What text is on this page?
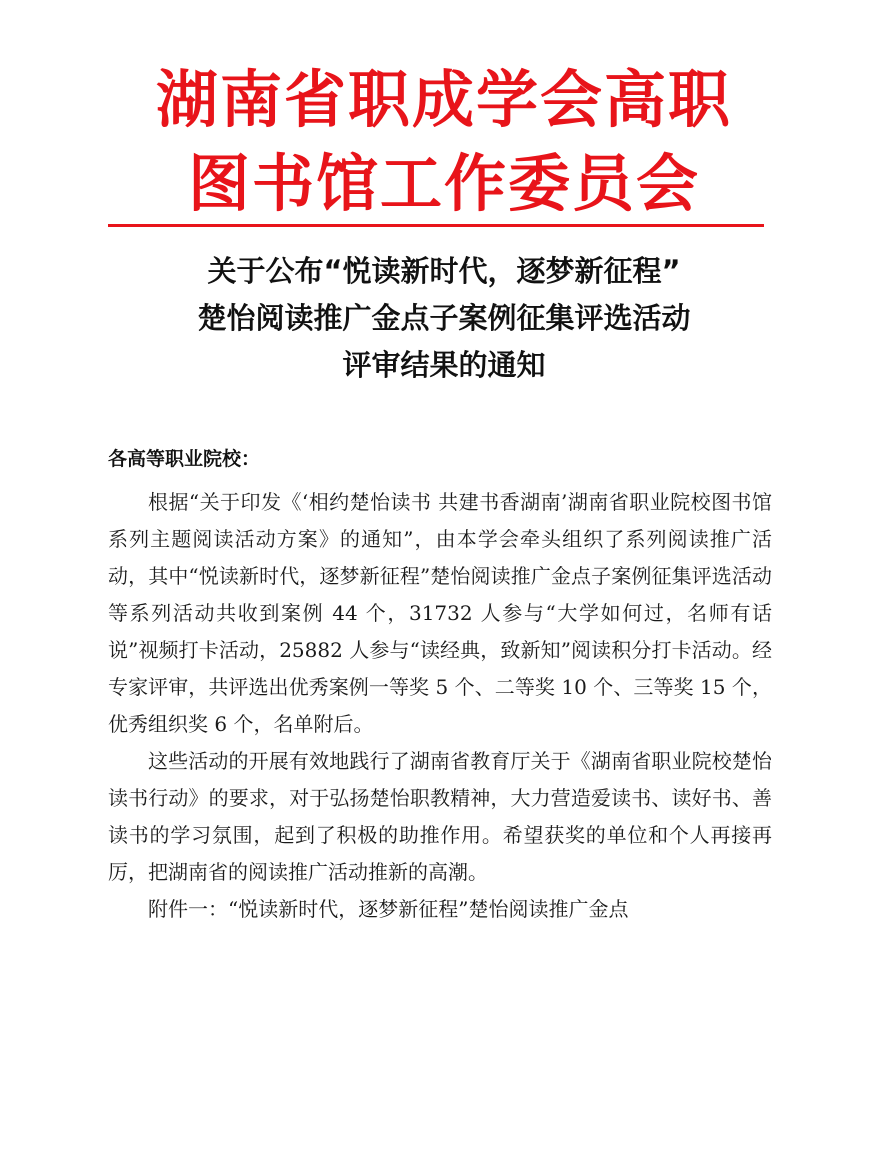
湖南省职成学会高职
图书馆工作委员会
关于公布“悦读新时代，逐梦新征程”
楚怡阅读推广金点子案例征集评选活动
评审结果的通知
各高等职业院校：

根据“关于印发《‘相约楚怡读书 共建书香湖南’湖南省职业院校图书馆系列主题阅读活动方案》的通知”，由本学会牵头组织了系列阅读推广活动，其中“悦读新时代，逐梦新征程”楚怡阅读推广金点子案例征集评选活动等系列活动共收到案例 44 个，31732 人参与“大学如何过，名师有话说”视频打卡活动，25882 人参与“读经典，致新知”阅读积分打卡活动。经专家评审，共评选出优秀案例一等奖 5 个、二等奖 10 个、三等奖 15 个，优秀组织奖 6 个，名单附后。

这些活动的开展有效地践行了湖南省教育厅关于《湖南省职业院校楚怡读书行动》的要求，对于弘扬楚怡职教精神，大力营造爱读书、读好书、善读书的学习氛围，起到了积极的助推作用。希望获奖的单位和个人再接再厉，把湖南省的阅读推广活动推新的高潮。

附件一：“悦读新时代，逐梦新征程”楚怡阅读推广金点
